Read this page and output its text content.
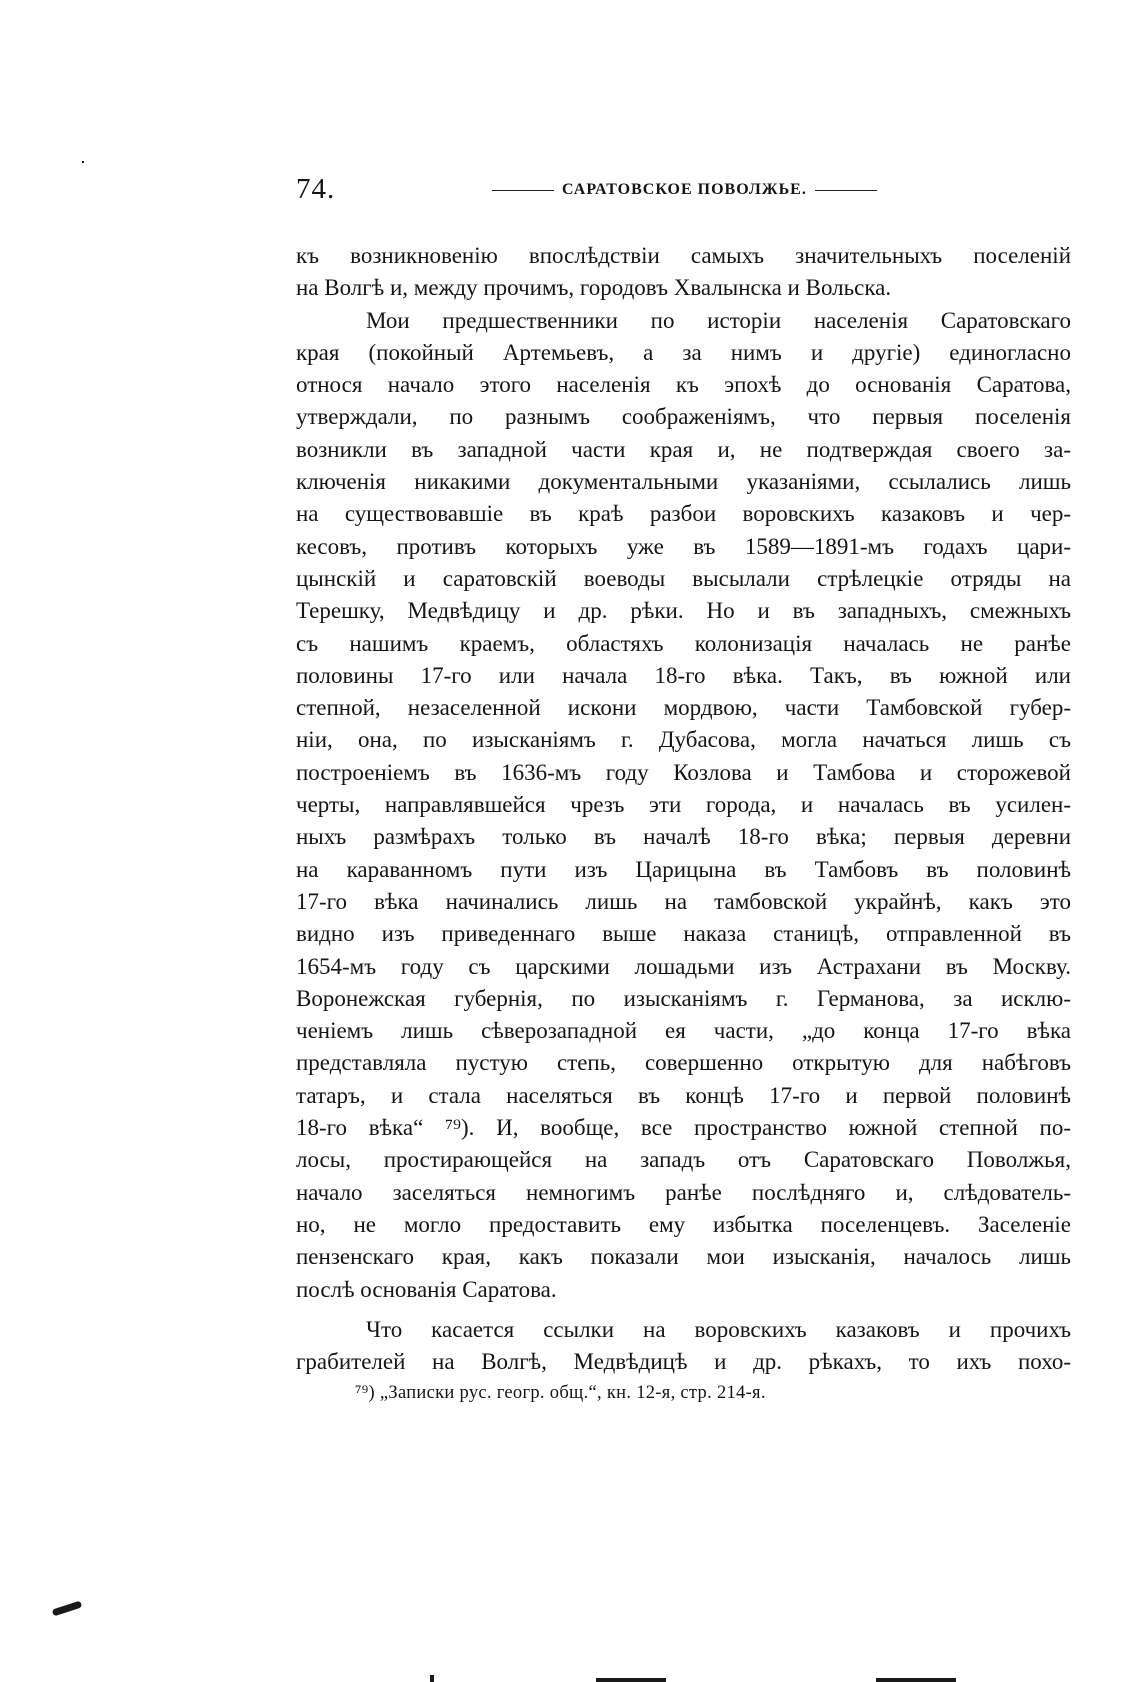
74.	САРАТОВСКОЕ ПОВОЛЖЬЕ.
къ возникновенію впослѣдствіи самыхъ значительныхъ поселеній
на Волгѣ и, между прочимъ, городовъ Хвалынска и Вольска.
Мои предшественники по исторіи населенія Саратовскаго
края (покойный Артемьевъ, а за нимъ и другіе) единогласно
относя начало этого населенія къ эпохѣ до основанія Саратова,
утверждали, по разнымъ соображеніямъ, что первыя поселенія
возникли въ западной части края и, не подтверждая своего за-
ключенія никакими документальными указаніями, ссылались лишь
на существовавшіе въ краѣ разбои воровскихъ казаковъ и чер-
кесовъ, противъ которыхъ уже въ 1589—1891-мъ годахъ цари-
цынскій и саратовскій воеводы высылали стрѣлецкіе отряды на
Терешку, Медвѣдицу и др. рѣки. Но и въ западныхъ, смежныхъ
съ нашимъ краемъ, областяхъ колонизація началась не ранѣе
половины 17-го или начала 18-го вѣка. Такъ, въ южной или
степной, незаселенной искони мордвою, части Тамбовской губер-
ніи, она, по изысканіямъ г. Дубасова, могла начаться лишь съ
построеніемъ въ 1636-мъ году Козлова и Тамбова и сторожевой
черты, направлявшейся чрезъ эти города, и началась въ усилен-
ныхъ размѣрахъ только въ началѣ 18-го вѣка; первыя деревни
на караванномъ пути изъ Царицына въ Тамбовъ въ половинѣ
17-го вѣка начинались лишь на тамбовской украйнѣ, какъ это
видно изъ приведеннаго выше наказа станицѣ, отправленной въ
1654-мъ году съ царскими лошадьми изъ Астрахани въ Москву.
Воронежская губернія, по изысканіямъ г. Германова, за исклю-
ченіемъ лишь сѣверозападной ея части, „до конца 17-го вѣка
представляла пустую степь, совершенно открытую для набѣговъ
татаръ, и стала населяться въ концѣ 17-го и первой половинѣ
18-го вѣка“ ⁷⁹). И, вообще, все пространство южной степной по-
лосы, простирающейся на западъ отъ Саратовскаго Поволжья,
начало заселяться немногимъ ранѣе послѣдняго и, слѣдователь-
но, не могло предоставить ему избытка поселенцевъ. Заселеніе
пензенскаго края, какъ показали мои изысканія, началось лишь
послѣ основанія Саратова.
Что касается ссылки на воровскихъ казаковъ и прочихъ
грабителей на Волгѣ, Медвѣдицѣ и др. рѣкахъ, то ихъ похо-
⁷⁹) „Записки рус. геогр. общ.“, кн. 12-я, стр. 214-я.
